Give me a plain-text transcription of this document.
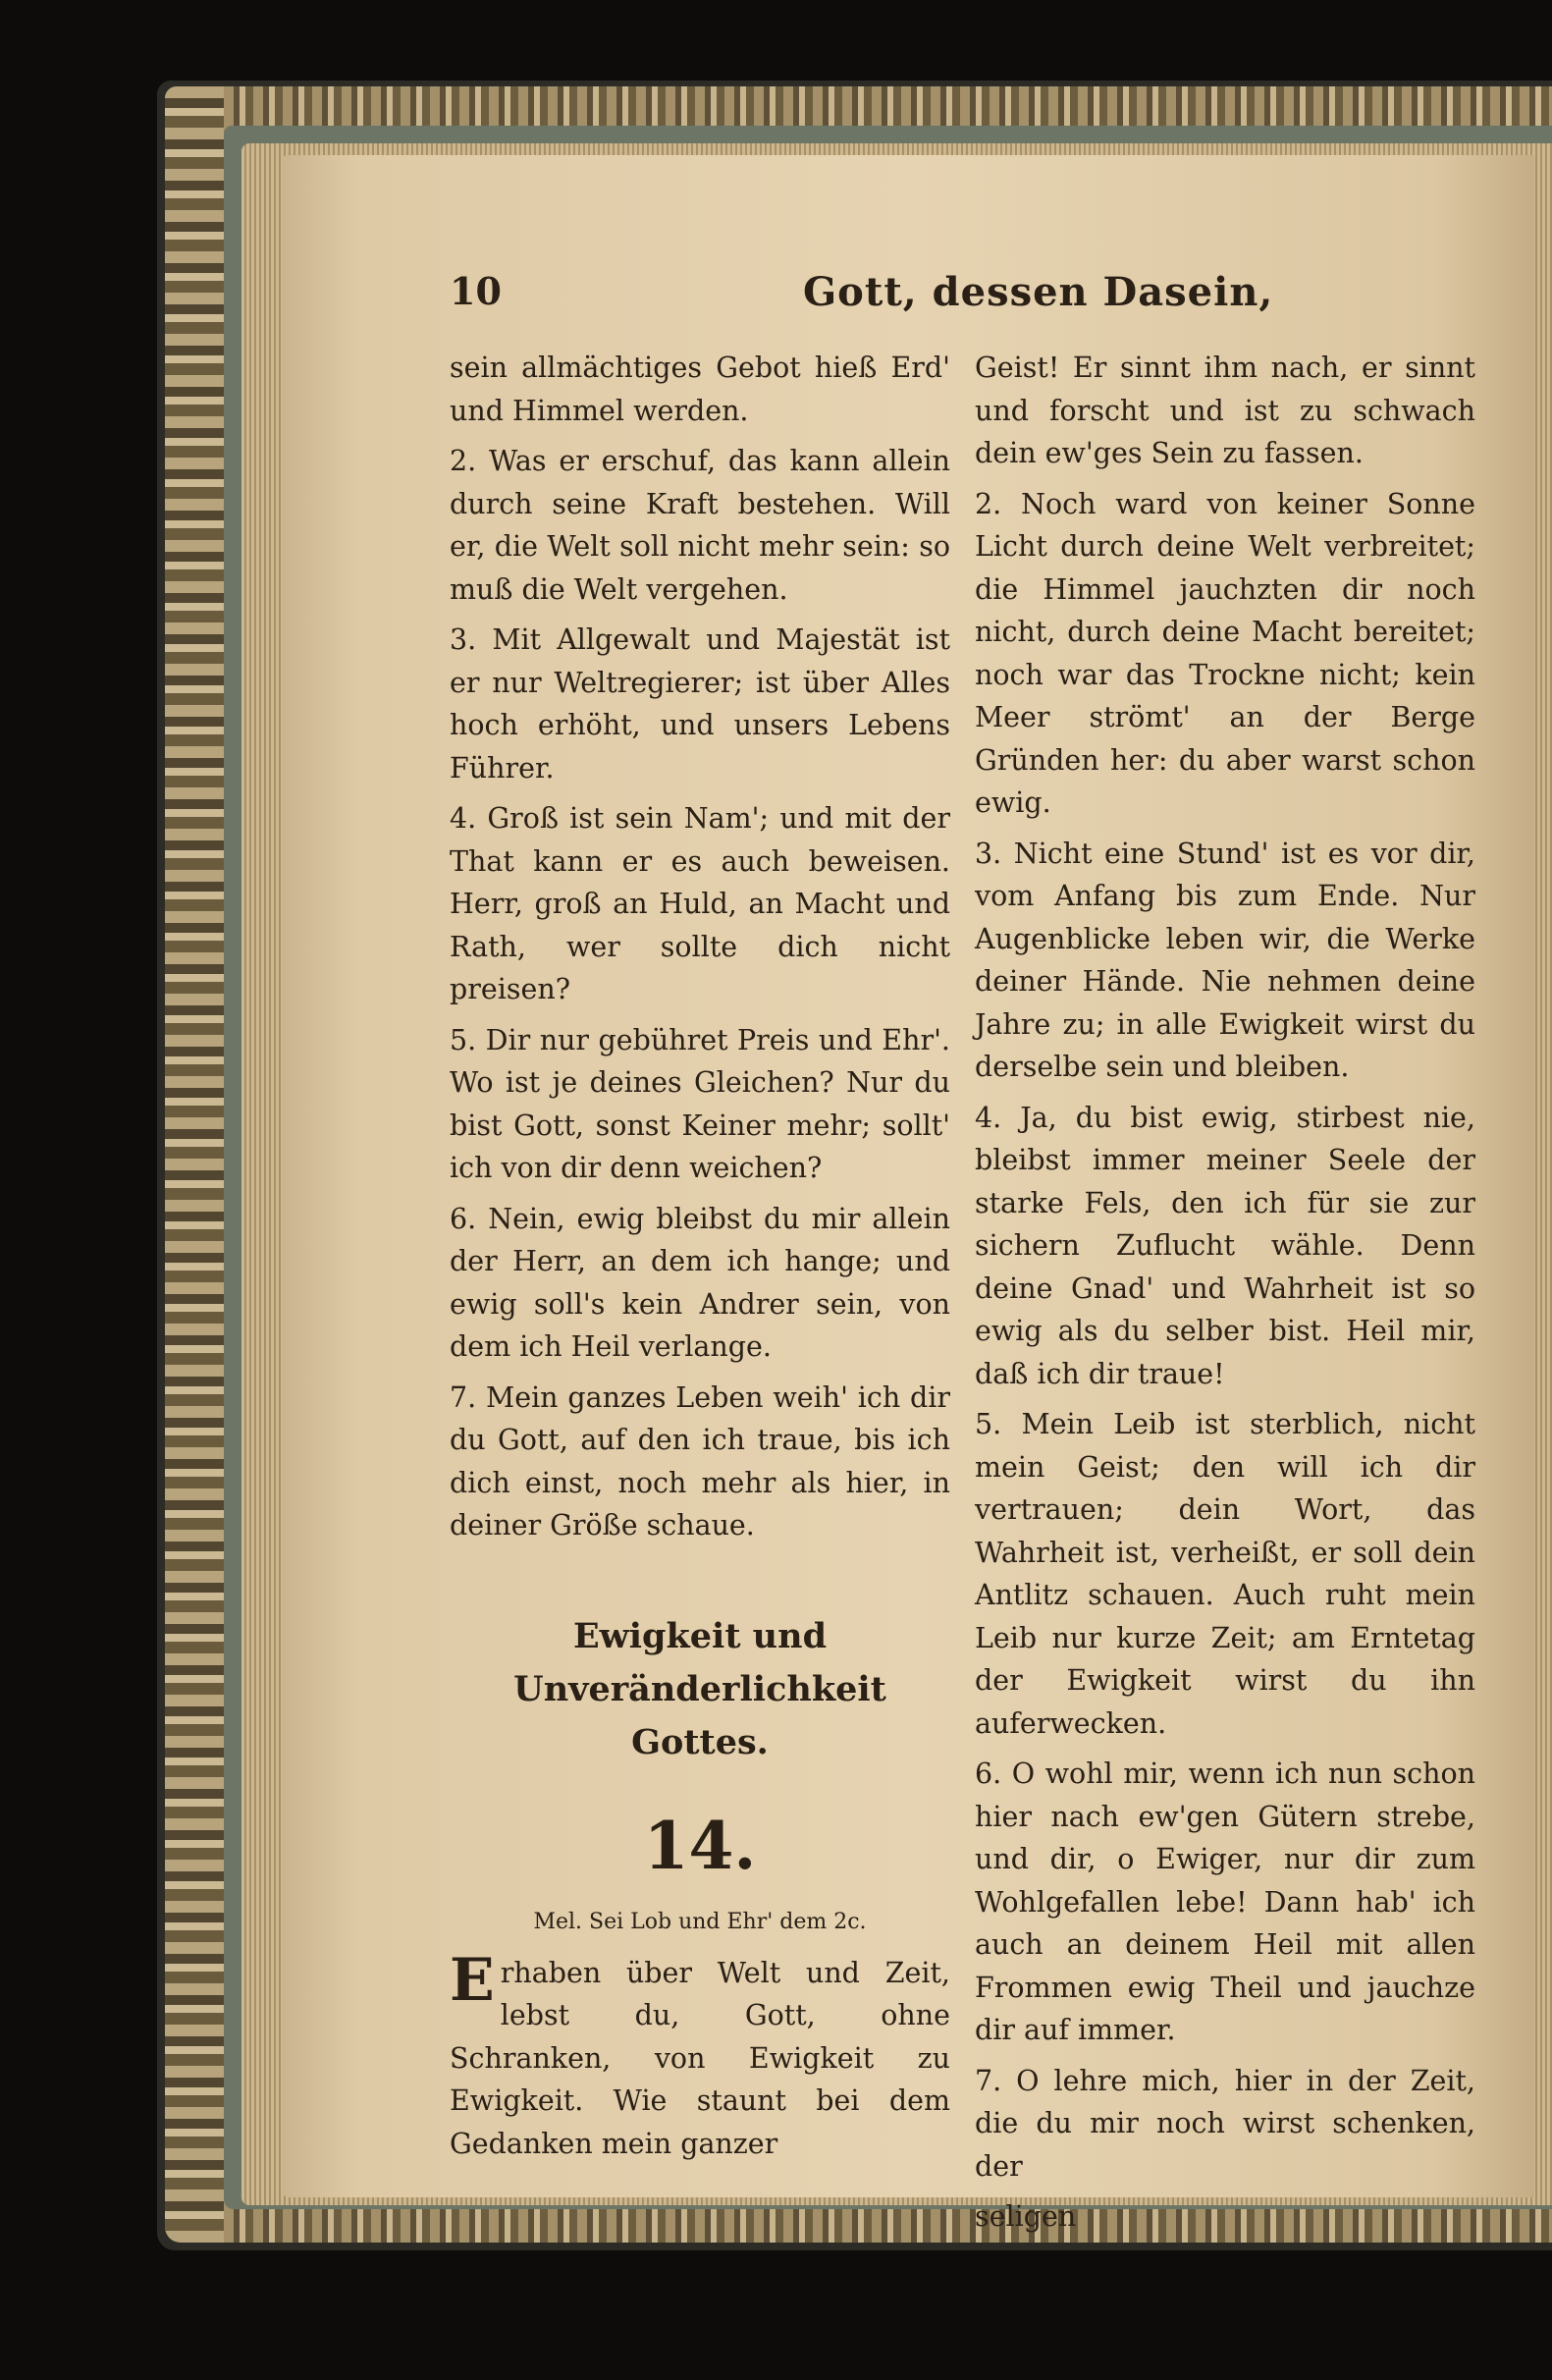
10	Gott, dessen Dasein,

sein allmächtiges Gebot hieß Erd' und Himmel werden.

2. Was er erschuf, das kann allein durch seine Kraft bestehen. Will er, die Welt soll nicht mehr sein: so muß die Welt vergehen.

3. Mit Allgewalt und Majestät ist er nur Weltregierer; ist über Alles hoch erhöht, und unsers Lebens Führer.

4. Groß ist sein Nam'; und mit der That kann er es auch beweisen. Herr, groß an Huld, an Macht und Rath, wer sollte dich nicht preisen?

5. Dir nur gebühret Preis und Ehr'. Wo ist je deines Gleichen? Nur du bist Gott, sonst Keiner mehr; sollt' ich von dir denn weichen?

6. Nein, ewig bleibst du mir allein der Herr, an dem ich hange; und ewig soll's kein Andrer sein, von dem ich Heil verlange.

7. Mein ganzes Leben weih' ich dir du Gott, auf den ich traue, bis ich dich einst, noch mehr als hier, in deiner Größe schaue.

Ewigkeit und Unveränderlichkeit Gottes.
14.
Mel. Sei Lob und Ehr' dem 2c.

Erhaben über Welt und Zeit, lebst du, Gott, ohne Schranken, von Ewigkeit zu Ewigkeit. Wie staunt bei dem Gedanken mein ganzer

Geist! Er sinnt ihm nach, er sinnt und forscht und ist zu schwach dein ew'ges Sein zu fassen.

2. Noch ward von keiner Sonne Licht durch deine Welt verbreitet; die Himmel jauchzten dir noch nicht, durch deine Macht bereitet; noch war das Trockne nicht; kein Meer strömt' an der Berge Gründen her: du aber warst schon ewig.

3. Nicht eine Stund' ist es vor dir, vom Anfang bis zum Ende. Nur Augenblicke leben wir, die Werke deiner Hände. Nie nehmen deine Jahre zu; in alle Ewigkeit wirst du derselbe sein und bleiben.

4. Ja, du bist ewig, stirbest nie, bleibst immer meiner Seele der starke Fels, den ich für sie zur sichern Zuflucht wähle. Denn deine Gnad' und Wahrheit ist so ewig als du selber bist. Heil mir, daß ich dir traue!

5. Mein Leib ist sterblich, nicht mein Geist; den will ich dir vertrauen; dein Wort, das Wahrheit ist, verheißt, er soll dein Antlitz schauen. Auch ruht mein Leib nur kurze Zeit; am Erntetag der Ewigkeit wirst du ihn auferwecken.

6. O wohl mir, wenn ich nun schon hier nach ew'gen Gütern strebe, und dir, o Ewiger, nur dir zum Wohlgefallen lebe! Dann hab' ich auch an deinem Heil mit allen Frommen ewig Theil und jauchze dir auf immer.

7. O lehre mich, hier in der Zeit, die du mir noch wirst schenken, der

seligen
